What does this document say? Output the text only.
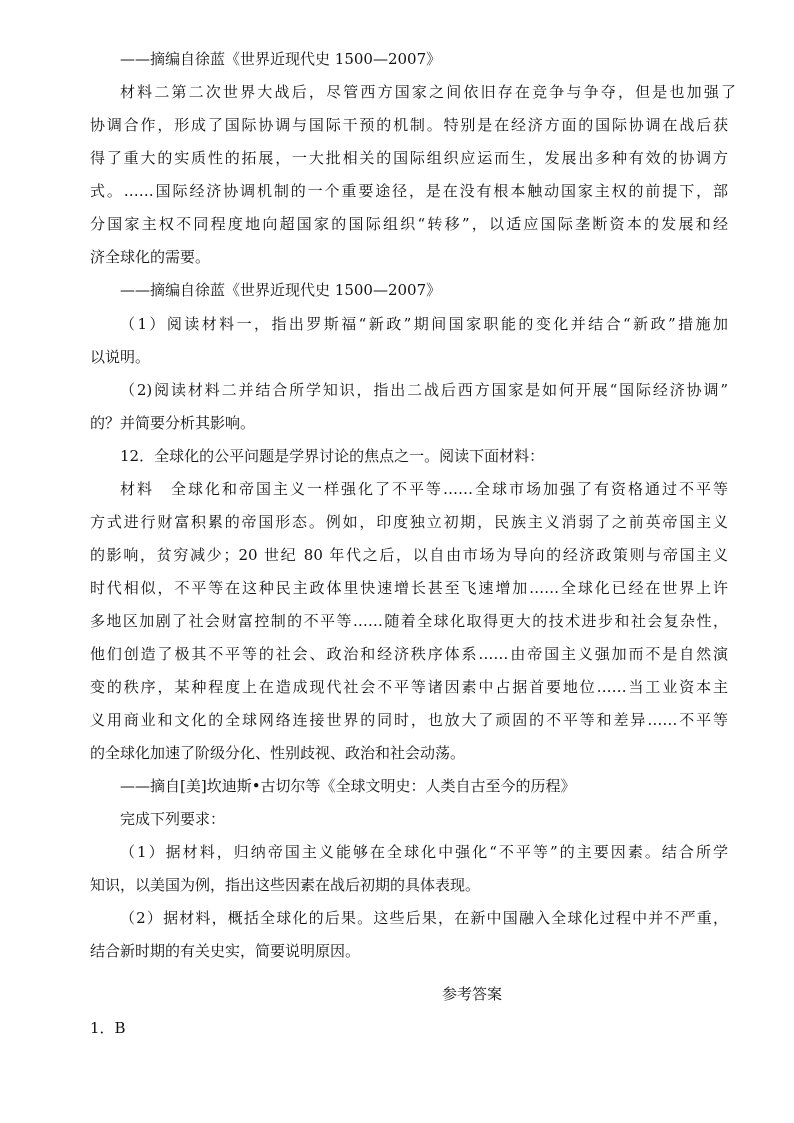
——摘编自徐蓝《世界近现代史 1500—2007》
材料二第二次世界大战后，尽管西方国家之间依旧存在竞争与争夺，但是也加强了
协调合作，形成了国际协调与国际干预的机制。特别是在经济方面的国际协调在战后获
得了重大的实质性的拓展，一大批相关的国际组织应运而生，发展出多种有效的协调方
式。……国际经济协调机制的一个重要途径，是在没有根本触动国家主权的前提下，部
分国家主权不同程度地向超国家的国际组织“转移”，以适应国际垄断资本的发展和经
济全球化的需要。
——摘编自徐蓝《世界近现代史 1500—2007》
（1）阅读材料一，指出罗斯福“新政”期间国家职能的变化并结合“新政”措施加
以说明。
（2)阅读材料二并结合所学知识，指出二战后西方国家是如何开展“国际经济协调”
的？并简要分析其影响。
12．全球化的公平问题是学界讨论的焦点之一。阅读下面材料：
材料　全球化和帝国主义一样强化了不平等……全球市场加强了有资格通过不平等
方式进行财富积累的帝国形态。例如，印度独立初期，民族主义消弱了之前英帝国主义
的影响，贫穷减少；20 世纪 80 年代之后，以自由市场为导向的经济政策则与帝国主义
时代相似，不平等在这种民主政体里快速增长甚至飞速增加……全球化已经在世界上许
多地区加剧了社会财富控制的不平等……随着全球化取得更大的技术进步和社会复杂性，
他们创造了极其不平等的社会、政治和经济秩序体系……由帝国主义强加而不是自然演
变的秩序，某种程度上在造成现代社会不平等诸因素中占据首要地位……当工业资本主
义用商业和文化的全球网络连接世界的同时，也放大了顽固的不平等和差异……不平等
的全球化加速了阶级分化、性别歧视、政治和社会动荡。
——摘自[美]坎迪斯•古切尔等《全球文明史：人类自古至今的历程》
完成下列要求：
（1）据材料，归纳帝国主义能够在全球化中强化“不平等”的主要因素。结合所学
知识，以美国为例，指出这些因素在战后初期的具体表现。
（2）据材料，概括全球化的后果。这些后果，在新中国融入全球化过程中并不严重，
结合新时期的有关史实，简要说明原因。
参考答案
1．B
